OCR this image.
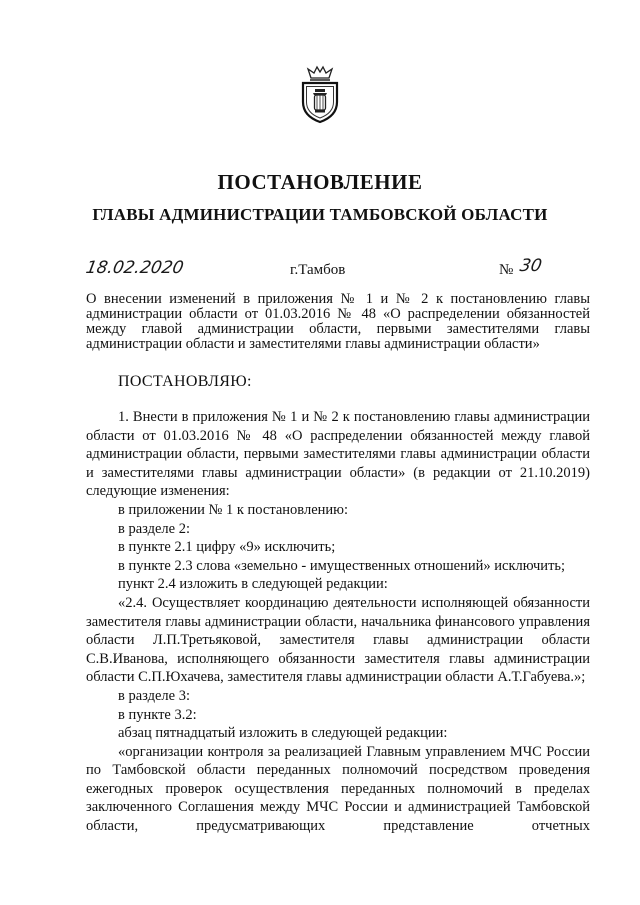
ПОСТАНОВЛЕНИЕ
ГЛАВЫ АДМИНИСТРАЦИИ ТАМБОВСКОЙ ОБЛАСТИ
18.02.2020	г.Тамбов	№ 30
О внесении изменений в приложения № 1 и № 2 к постановлению главы администрации области от 01.03.2016 № 48 «О распределении обязанностей между главой администрации области, первыми заместителями главы администрации области и заместителями главы администрации области»
ПОСТАНОВЛЯЮ:

1. Внести в приложения № 1 и № 2 к постановлению главы администрации области от 01.03.2016 № 48 «О распределении обязанностей между главой администрации области, первыми заместителями главы администрации области и заместителями главы администрации области» (в редакции от 21.10.2019) следующие изменения:

в приложении № 1 к постановлению:

в разделе 2:

в пункте 2.1 цифру «9» исключить;

в пункте 2.3 слова «земельно - имущественных отношений» исключить;

пункт 2.4 изложить в следующей редакции:

«2.4. Осуществляет координацию деятельности исполняющей обязанности заместителя главы администрации области, начальника финансового управления области Л.П.Третьяковой, заместителя главы администрации области С.В.Иванова, исполняющего обязанности заместителя главы администрации области С.П.Юхачева, заместителя главы администрации области А.Т.Габуева.»;

в разделе 3:

в пункте 3.2:

абзац пятнадцатый изложить в следующей редакции:

«организации контроля за реализацией Главным управлением МЧС России по Тамбовской области переданных полномочий посредством проведения ежегодных проверок осуществления переданных полномочий в пределах заключенного Соглашения между МЧС России и администрацией Тамбовской области, предусматривающих представление отчетных
